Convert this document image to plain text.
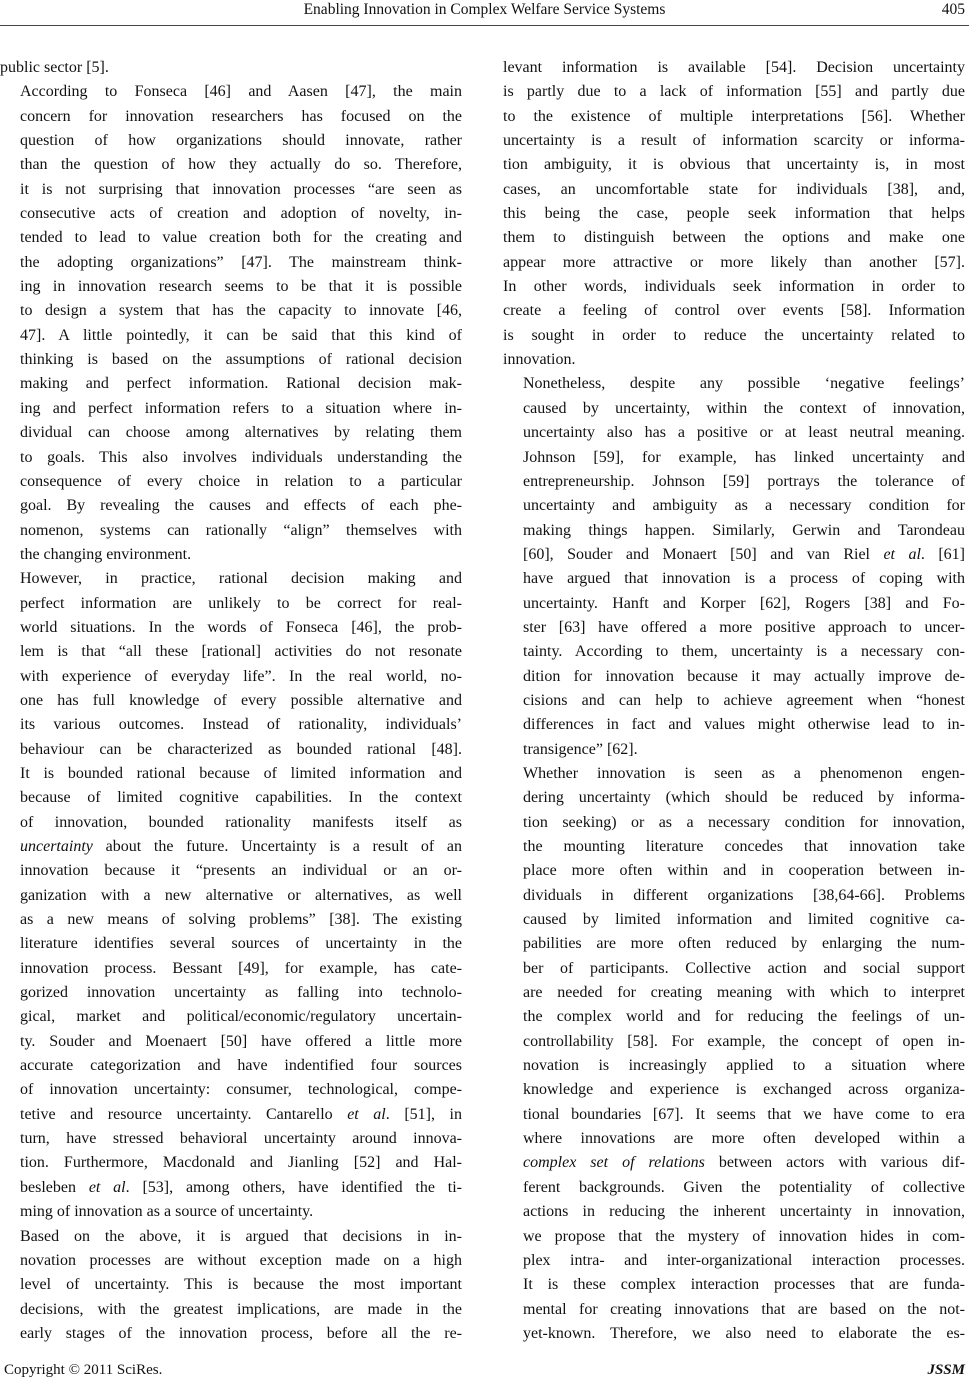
Enabling Innovation in Complex Welfare Service Systems	405

public sector [5].

According to Fonseca [46] and Aasen [47], the main
concern for innovation researchers has focused on the
question of how organizations should innovate, rather
than the question of how they actually do so. Therefore,
it is not surprising that innovation processes “are seen as
consecutive acts of creation and adoption of novelty, in-
tended to lead to value creation both for the creating and
the adopting organizations” [47]. The mainstream think-
ing in innovation research seems to be that it is possible
to design a system that has the capacity to innovate [46,
47]. A little pointedly, it can be said that this kind of
thinking is based on the assumptions of rational decision
making and perfect information. Rational decision mak-
ing and perfect information refers to a situation where in-
dividual can choose among alternatives by relating them
to goals. This also involves individuals understanding the
consequence of every choice in relation to a particular
goal. By revealing the causes and effects of each phe-
nomenon, systems can rationally “align” themselves with
the changing environment.

However, in practice, rational decision making and
perfect information are unlikely to be correct for real-
world situations. In the words of Fonseca [46], the prob-
lem is that “all these [rational] activities do not resonate
with experience of everyday life”. In the real world, no-
one has full knowledge of every possible alternative and
its various outcomes. Instead of rationality, individuals’
behaviour can be characterized as bounded rational [48].
It is bounded rational because of limited information and
because of limited cognitive capabilities. In the context
of innovation, bounded rationality manifests itself as
uncertainty about the future. Uncertainty is a result of an
innovation because it “presents an individual or an or-
ganization with a new alternative or alternatives, as well
as a new means of solving problems” [38]. The existing
literature identifies several sources of uncertainty in the
innovation process. Bessant [49], for example, has cate-
gorized innovation uncertainty as falling into technolo-
gical, market and political/economic/regulatory uncertain-
ty. Souder and Moenaert [50] have offered a little more
accurate categorization and have indentified four sources
of innovation uncertainty: consumer, technological, compe-
tetive and resource uncertainty. Cantarello et al. [51], in
turn, have stressed behavioral uncertainty around innova-
tion. Furthermore, Macdonald and Jianling [52] and Hal-
besleben et al. [53], among others, have identified the ti-
ming of innovation as a source of uncertainty.

Based on the above, it is argued that decisions in in-
novation processes are without exception made on a high
level of uncertainty. This is because the most important
decisions, with the greatest implications, are made in the
early stages of the innovation process, before all the re-

levant information is available [54]. Decision uncertainty
is partly due to a lack of information [55] and partly due
to the existence of multiple interpretations [56]. Whether
uncertainty is a result of information scarcity or informa-
tion ambiguity, it is obvious that uncertainty is, in most
cases, an uncomfortable state for individuals [38], and,
this being the case, people seek information that helps
them to distinguish between the options and make one
appear more attractive or more likely than another [57].
In other words, individuals seek information in order to
create a feeling of control over events [58]. Information
is sought in order to reduce the uncertainty related to
innovation.

Nonetheless, despite any possible ‘negative feelings’
caused by uncertainty, within the context of innovation,
uncertainty also has a positive or at least neutral meaning.
Johnson [59], for example, has linked uncertainty and
entrepreneurship. Johnson [59] portrays the tolerance of
uncertainty and ambiguity as a necessary condition for
making things happen. Similarly, Gerwin and Tarondeau
[60], Souder and Monaert [50] and van Riel et al. [61]
have argued that innovation is a process of coping with
uncertainty. Hanft and Korper [62], Rogers [38] and Fo-
ster [63] have offered a more positive approach to uncer-
tainty. According to them, uncertainty is a necessary con-
dition for innovation because it may actually improve de-
cisions and can help to achieve agreement when “honest
differences in fact and values might otherwise lead to in-
transigence” [62].

Whether innovation is seen as a phenomenon engen-
dering uncertainty (which should be reduced by informa-
tion seeking) or as a necessary condition for innovation,
the mounting literature concedes that innovation take
place more often within and in cooperation between in-
dividuals in different organizations [38,64-66]. Problems
caused by limited information and limited cognitive ca-
pabilities are more often reduced by enlarging the num-
ber of participants. Collective action and social support
are needed for creating meaning with which to interpret
the complex world and for reducing the feelings of un-
controllability [58]. For example, the concept of open in-
novation is increasingly applied to a situation where
knowledge and experience is exchanged across organiza-
tional boundaries [67]. It seems that we have come to era
where innovations are more often developed within a
complex set of relations between actors with various dif-
ferent backgrounds. Given the potentiality of collective
actions in reducing the inherent uncertainty in innovation,
we propose that the mystery of innovation hides in com-
plex intra- and inter-organizational interaction processes.
It is these complex interaction processes that are funda-
mental for creating innovations that are based on the not-
yet-known. Therefore, we also need to elaborate the es-

Copyright © 2011 SciRes.	JSSM
